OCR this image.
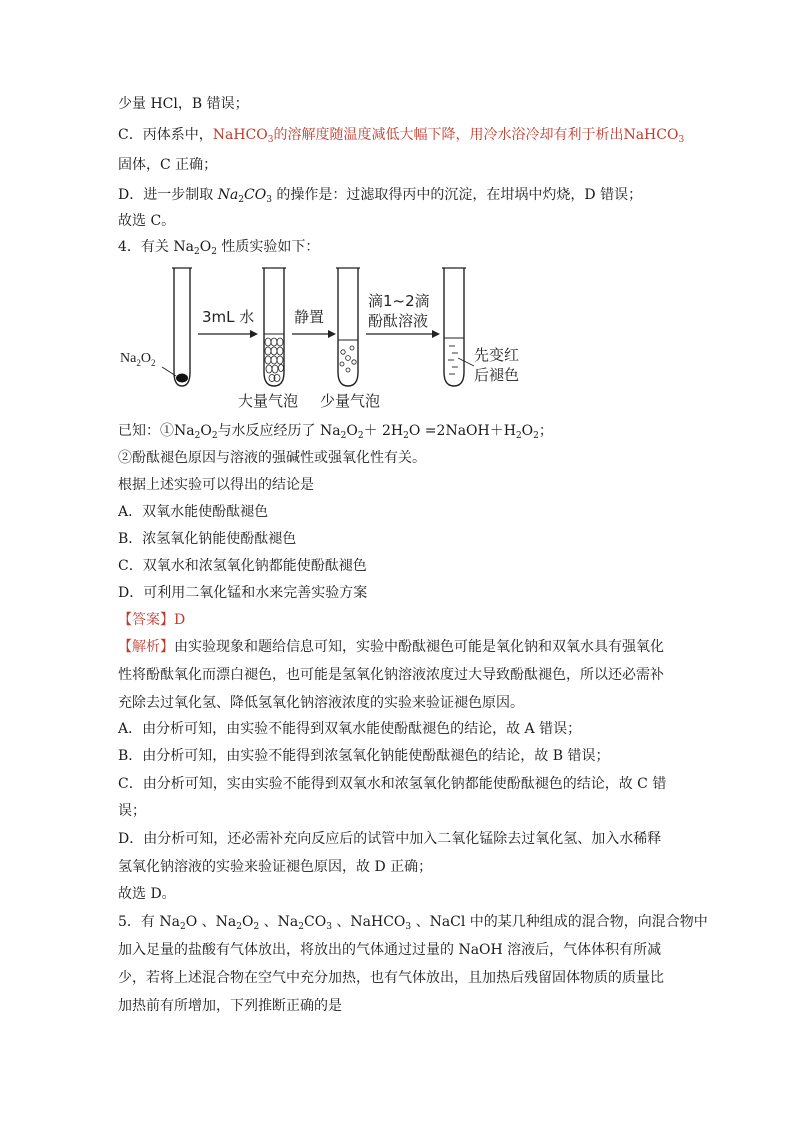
少量 HCl，B 错误；
C．丙体系中，NaHCO$_3$的溶解度随温度减低大幅下降，用冷水浴冷却有利于析出NaHCO$_3$
固体，C 正确；
D．进一步制取 $Na_2CO_3$ 的操作是：过滤取得丙中的沉淀，在坩埚中灼烧，D 错误；
故选 C。
4．有关 $Na_2O_2$ 性质实验如下：
$Na_2O_2$
3mL 水	静置
滴1~2滴
酚酞溶液
先变红
后褪色
大量气泡 少量气泡
已知：$①Na_2O_2$与水反应经历了 $Na_2O_2+ 2H_2O$ $=2NaOH+H_2O_2$；
②酚酞褪色原因与溶液的强碱性或强氧化性有关。
根据上述实验可以得出的结论是
A．双氧水能使酚酞褪色
B．浓氢氧化钠能使酚酞褪色
C．双氧水和浓氢氧化钠都能使酚酞褪色
D．可利用二氧化锰和水来完善实验方案
【答案】D
【解析】由实验现象和题给信息可知，实验中酚酞褪色可能是氧化钠和双氧水具有强氧化
性将酚酞氧化而漂白褪色，也可能是氢氧化钠溶液浓度过大导致酚酞褪色，所以还必需补
充除去过氧化氢、降低氢氧化钠溶液浓度的实验来验证褪色原因。
A．由分析可知，由实验不能得到双氧水能使酚酞褪色的结论，故 A 错误；
B．由分析可知，由实验不能得到浓氢氧化钠能使酚酞褪色的结论，故 B 错误；
C．由分析可知，实由实验不能得到双氧水和浓氢氧化钠都能使酚酞褪色的结论，故 C 错
误；
D．由分析可知，还必需补充向反应后的试管中加入二氧化锰除去过氧化氢、加入水稀释
氢氧化钠溶液的实验来验证褪色原因，故 D 正确；
故选 D。
5．有 $Na_2O$ 、$Na_2O_2$ 、$Na_2CO_3$ 、NaHCO$_3$ 、NaCl 中的某几种组成的混合物，向混合物中
加入足量的盐酸有气体放出，将放出的气体通过过量的 NaOH 溶液后，气体体积有所减
少，若将上述混合物在空气中充分加热，也有气体放出，且加热后残留固体物质的质量比
加热前有所增加，下列推断正确的是
